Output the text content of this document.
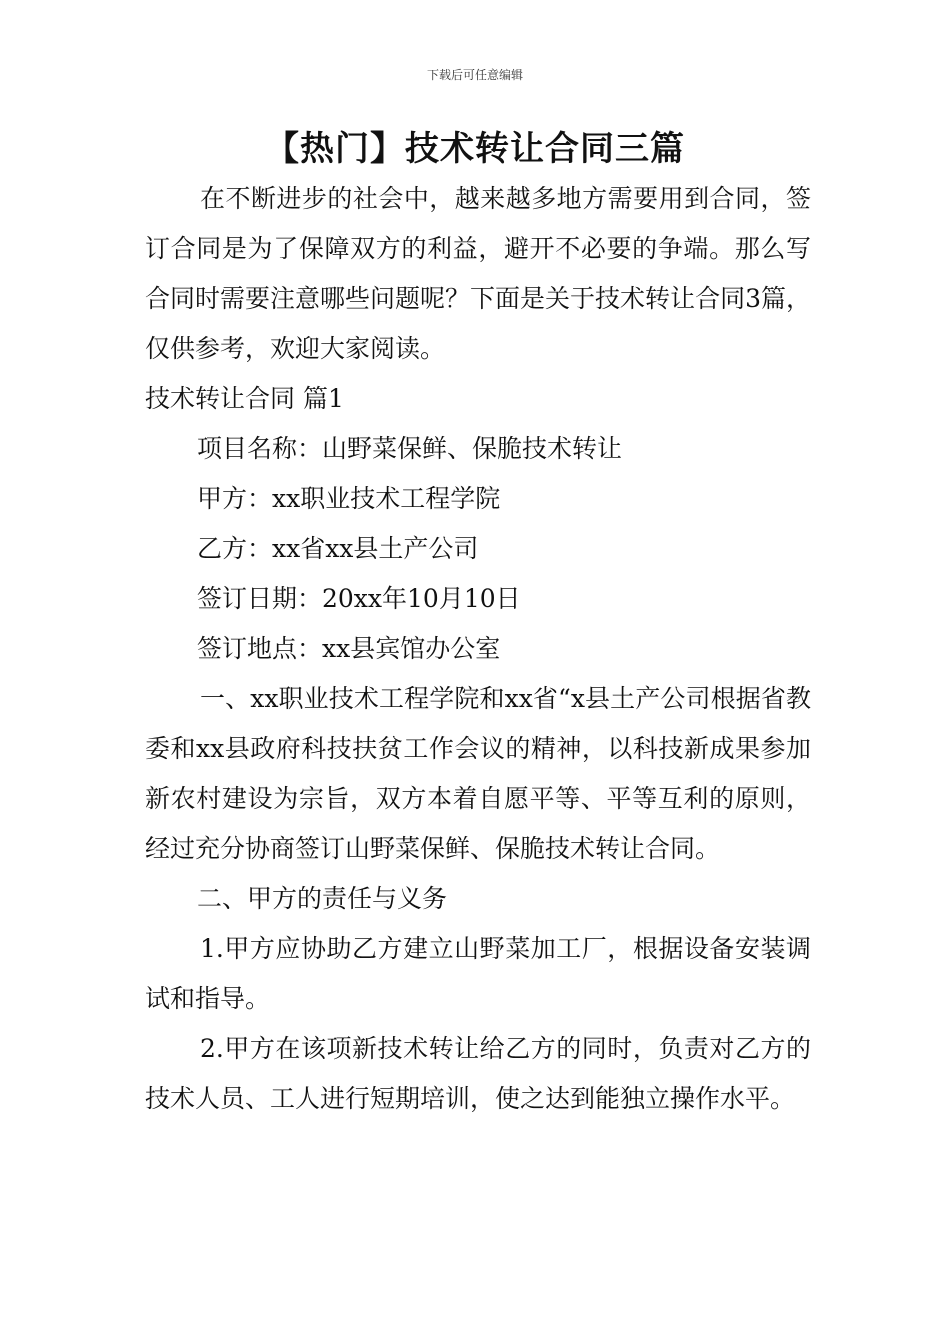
下载后可任意编辑
【热门】技术转让合同三篇

在不断进步的社会中，越来越多地方需要用到合同，签订合同是为了保障双方的利益，避开不必要的争端。那么写合同时需要注意哪些问题呢？下面是关于技术转让合同3篇，仅供参考，欢迎大家阅读。

技术转让合同 篇1

项目名称：山野菜保鲜、保脆技术转让

甲方：xx职业技术工程学院

乙方：xx省xx县土产公司

签订日期：20xx年10月10日

签订地点：xx县宾馆办公室

一、xx职业技术工程学院和xx省“x县土产公司根据省教委和xx县政府科技扶贫工作会议的精神，以科技新成果参加新农村建设为宗旨，双方本着自愿平等、平等互利的原则，经过充分协商签订山野菜保鲜、保脆技术转让合同。

二、甲方的责任与义务

1.甲方应协助乙方建立山野菜加工厂，根据设备安装调试和指导。

2.甲方在该项新技术转让给乙方的同时，负责对乙方的技术人员、工人进行短期培训，使之达到能独立操作水平。
